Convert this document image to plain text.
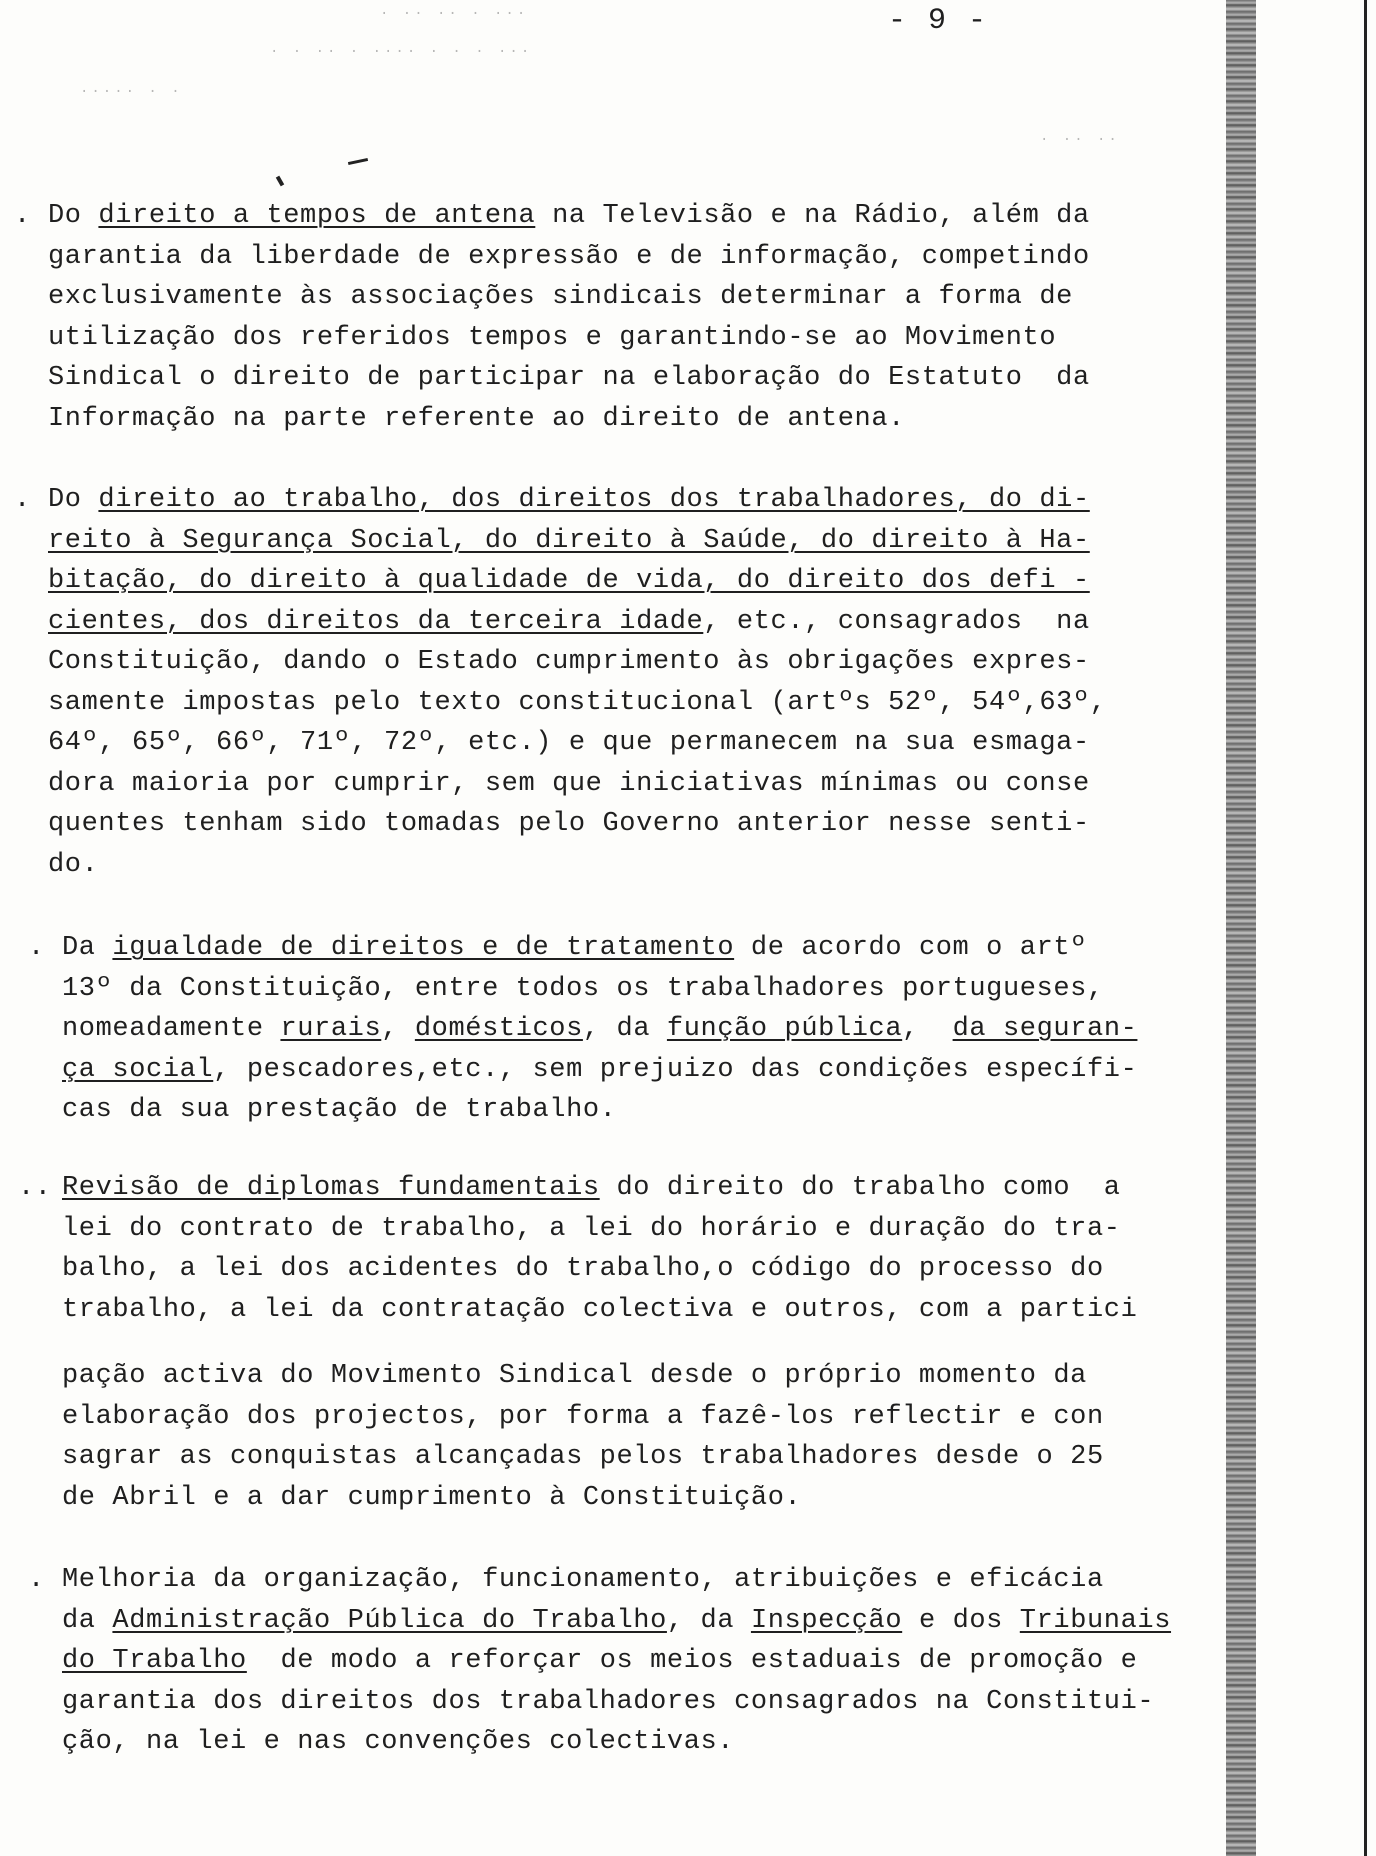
- 9 -
· ·· ·· · ···
· · ·· · ···· · · · ···
····· · ·
· ·· ··
. Do direito a tempos de antena na Televisão e na Rádio, além da
garantia da liberdade de expressão e de informação, competindo
exclusivamente às associações sindicais determinar a forma de
utilização dos referidos tempos e garantindo-se ao Movimento
Sindical o direito de participar na elaboração do Estatuto  da
Informação na parte referente ao direito de antena.
. Do direito ao trabalho, dos direitos dos trabalhadores, do di-
reito à Segurança Social, do direito à Saúde, do direito à Ha-
bitação, do direito à qualidade de vida, do direito dos defi -
cientes, dos direitos da terceira idade, etc., consagrados  na
Constituição, dando o Estado cumprimento às obrigações expres-
samente impostas pelo texto constitucional (artºs 52º, 54º,63º,
64º, 65º, 66º, 71º, 72º, etc.) e que permanecem na sua esmaga-
dora maioria por cumprir, sem que iniciativas mínimas ou conse
quentes tenham sido tomadas pelo Governo anterior nesse senti-
do.
. Da igualdade de direitos e de tratamento de acordo com o artº
13º da Constituição, entre todos os trabalhadores portugueses,
nomeadamente rurais, domésticos, da função pública,  da seguran-
ça social, pescadores,etc., sem prejuizo das condições específi-
cas da sua prestação de trabalho.
.. Revisão de diplomas fundamentais do direito do trabalho como  a
lei do contrato de trabalho, a lei do horário e duração do tra-
balho, a lei dos acidentes do trabalho,o código do processo do
trabalho, a lei da contratação colectiva e outros, com a partici
pação activa do Movimento Sindical desde o próprio momento da
elaboração dos projectos, por forma a fazê-los reflectir e con
sagrar as conquistas alcançadas pelos trabalhadores desde o 25
de Abril e a dar cumprimento à Constituição.
. Melhoria da organização, funcionamento, atribuições e eficácia
da Administração Pública do Trabalho, da Inspecção e dos Tribunais
do Trabalho  de modo a reforçar os meios estaduais de promoção e
garantia dos direitos dos trabalhadores consagrados na Constitui-
ção, na lei e nas convenções colectivas.
